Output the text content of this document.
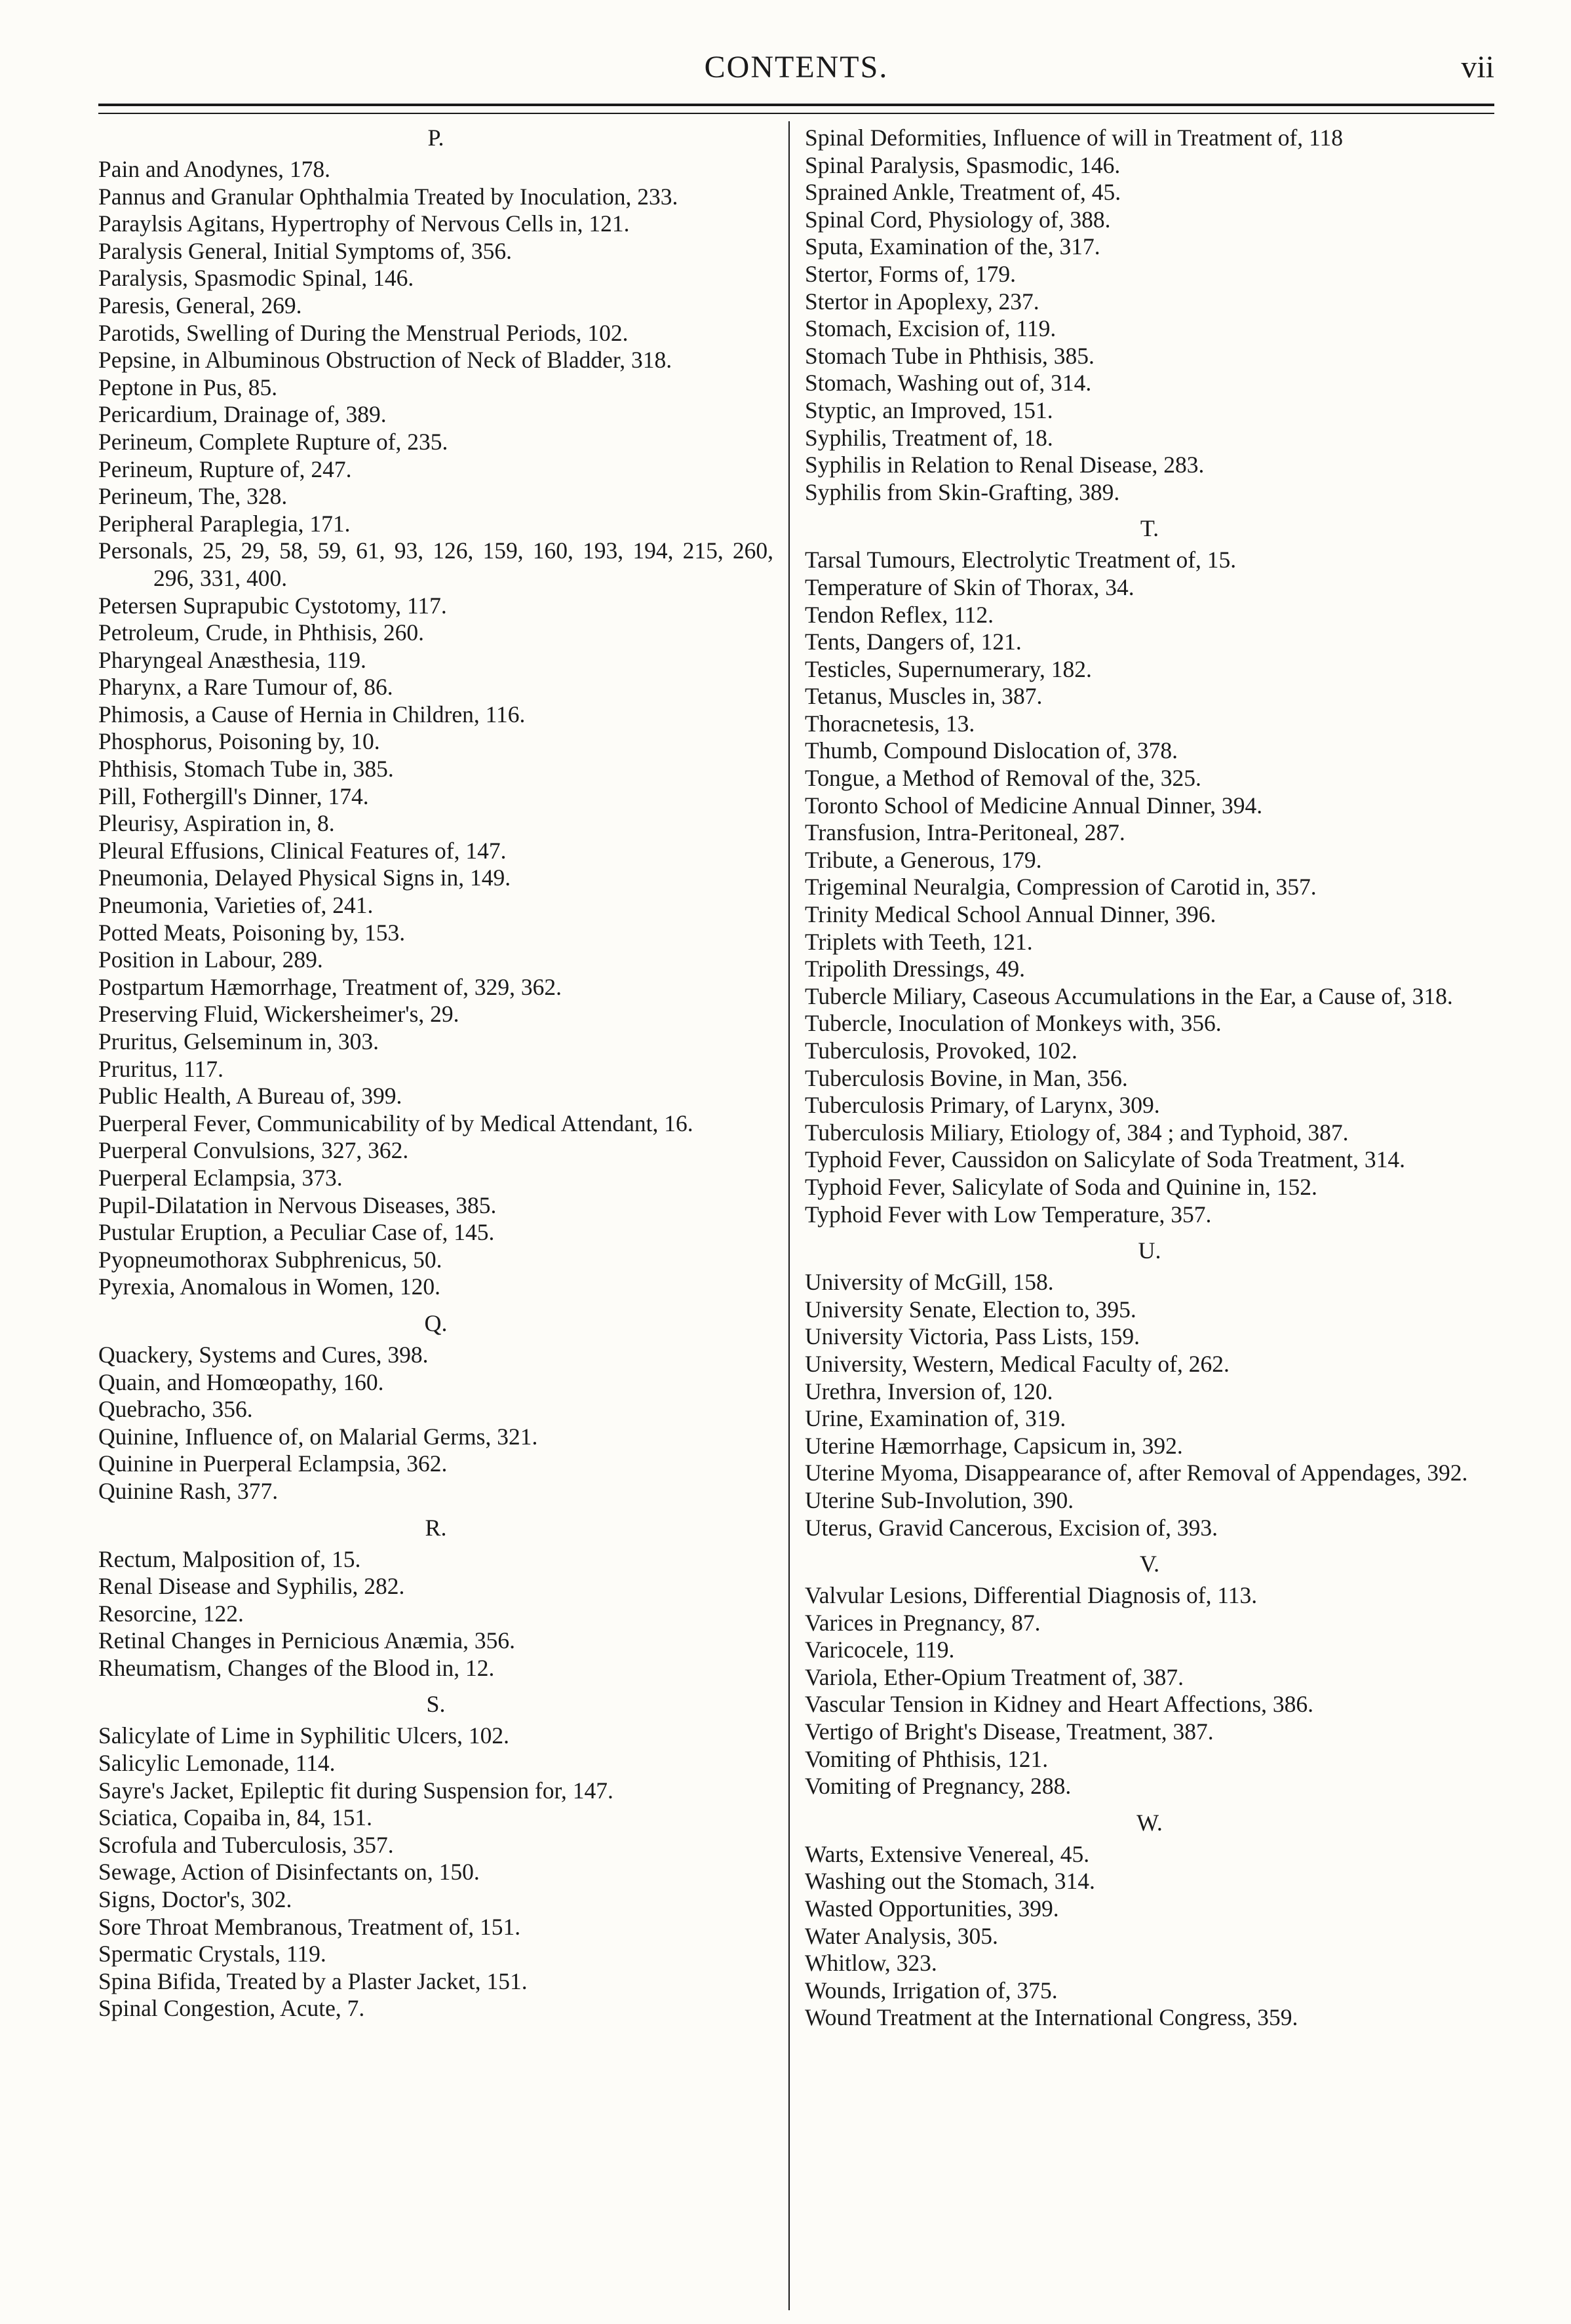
CONTENTS.	vii
P.
Pain and Anodynes, 178.
Pannus and Granular Ophthalmia Treated by Inoculation, 233.
Paraylsis Agitans, Hypertrophy of Nervous Cells in, 121.
Paralysis General, Initial Symptoms of, 356.
Paralysis, Spasmodic Spinal, 146.
Paresis, General, 269.
Parotids, Swelling of During the Menstrual Periods, 102.
Pepsine, in Albuminous Obstruction of Neck of Bladder, 318.
Peptone in Pus, 85.
Pericardium, Drainage of, 389.
Perineum, Complete Rupture of, 235.
Perineum, Rupture of, 247.
Perineum, The, 328.
Peripheral Paraplegia, 171.
Personals, 25, 29, 58, 59, 61, 93, 126, 159, 160, 193, 194, 215, 260, 296, 331, 400.
Petersen Suprapubic Cystotomy, 117.
Petroleum, Crude, in Phthisis, 260.
Pharyngeal Anæsthesia, 119.
Pharynx, a Rare Tumour of, 86.
Phimosis, a Cause of Hernia in Children, 116.
Phosphorus, Poisoning by, 10.
Phthisis, Stomach Tube in, 385.
Pill, Fothergill's Dinner, 174.
Pleurisy, Aspiration in, 8.
Pleural Effusions, Clinical Features of, 147.
Pneumonia, Delayed Physical Signs in, 149.
Pneumonia, Varieties of, 241.
Potted Meats, Poisoning by, 153.
Position in Labour, 289.
Postpartum Hæmorrhage, Treatment of, 329, 362.
Preserving Fluid, Wickersheimer's, 29.
Pruritus, Gelseminum in, 303.
Pruritus, 117.
Public Health, A Bureau of, 399.
Puerperal Fever, Communicability of by Medical Attendant, 16.
Puerperal Convulsions, 327, 362.
Puerperal Eclampsia, 373.
Pupil-Dilatation in Nervous Diseases, 385.
Pustular Eruption, a Peculiar Case of, 145.
Pyopneumothorax Subphrenicus, 50.
Pyrexia, Anomalous in Women, 120.
Q.
Quackery, Systems and Cures, 398.
Quain, and Homœopathy, 160.
Quebracho, 356.
Quinine, Influence of, on Malarial Germs, 321.
Quinine in Puerperal Eclampsia, 362.
Quinine Rash, 377.
R.
Rectum, Malposition of, 15.
Renal Disease and Syphilis, 282.
Resorcine, 122.
Retinal Changes in Pernicious Anæmia, 356.
Rheumatism, Changes of the Blood in, 12.
S.
Salicylate of Lime in Syphilitic Ulcers, 102.
Salicylic Lemonade, 114.
Sayre's Jacket, Epileptic fit during Suspension for, 147.
Sciatica, Copaiba in, 84, 151.
Scrofula and Tuberculosis, 357.
Sewage, Action of Disinfectants on, 150.
Signs, Doctor's, 302.
Sore Throat Membranous, Treatment of, 151.
Spermatic Crystals, 119.
Spina Bifida, Treated by a Plaster Jacket, 151.
Spinal Congestion, Acute, 7.
Spinal Deformities, Influence of will in Treatment of, 118
Spinal Paralysis, Spasmodic, 146.
Sprained Ankle, Treatment of, 45.
Spinal Cord, Physiology of, 388.
Sputa, Examination of the, 317.
Stertor, Forms of, 179.
Stertor in Apoplexy, 237.
Stomach, Excision of, 119.
Stomach Tube in Phthisis, 385.
Stomach, Washing out of, 314.
Styptic, an Improved, 151.
Syphilis, Treatment of, 18.
Syphilis in Relation to Renal Disease, 283.
Syphilis from Skin-Grafting, 389.
T.
Tarsal Tumours, Electrolytic Treatment of, 15.
Temperature of Skin of Thorax, 34.
Tendon Reflex, 112.
Tents, Dangers of, 121.
Testicles, Supernumerary, 182.
Tetanus, Muscles in, 387.
Thoracnetesis, 13.
Thumb, Compound Dislocation of, 378.
Tongue, a Method of Removal of the, 325.
Toronto School of Medicine Annual Dinner, 394.
Transfusion, Intra-Peritoneal, 287.
Tribute, a Generous, 179.
Trigeminal Neuralgia, Compression of Carotid in, 357.
Trinity Medical School Annual Dinner, 396.
Triplets with Teeth, 121.
Tripolith Dressings, 49.
Tubercle Miliary, Caseous Accumulations in the Ear, a Cause of, 318.
Tubercle, Inoculation of Monkeys with, 356.
Tuberculosis, Provoked, 102.
Tuberculosis Bovine, in Man, 356.
Tuberculosis Primary, of Larynx, 309.
Tuberculosis Miliary, Etiology of, 384 ; and Typhoid, 387.
Typhoid Fever, Caussidon on Salicylate of Soda Treatment, 314.
Typhoid Fever, Salicylate of Soda and Quinine in, 152.
Typhoid Fever with Low Temperature, 357.
U.
University of McGill, 158.
University Senate, Election to, 395.
University Victoria, Pass Lists, 159.
University, Western, Medical Faculty of, 262.
Urethra, Inversion of, 120.
Urine, Examination of, 319.
Uterine Hæmorrhage, Capsicum in, 392.
Uterine Myoma, Disappearance of, after Removal of Appendages, 392.
Uterine Sub-Involution, 390.
Uterus, Gravid Cancerous, Excision of, 393.
V.
Valvular Lesions, Differential Diagnosis of, 113.
Varices in Pregnancy, 87.
Varicocele, 119.
Variola, Ether-Opium Treatment of, 387.
Vascular Tension in Kidney and Heart Affections, 386.
Vertigo of Bright's Disease, Treatment, 387.
Vomiting of Phthisis, 121.
Vomiting of Pregnancy, 288.
W.
Warts, Extensive Venereal, 45.
Washing out the Stomach, 314.
Wasted Opportunities, 399.
Water Analysis, 305.
Whitlow, 323.
Wounds, Irrigation of, 375.
Wound Treatment at the International Congress, 359.
